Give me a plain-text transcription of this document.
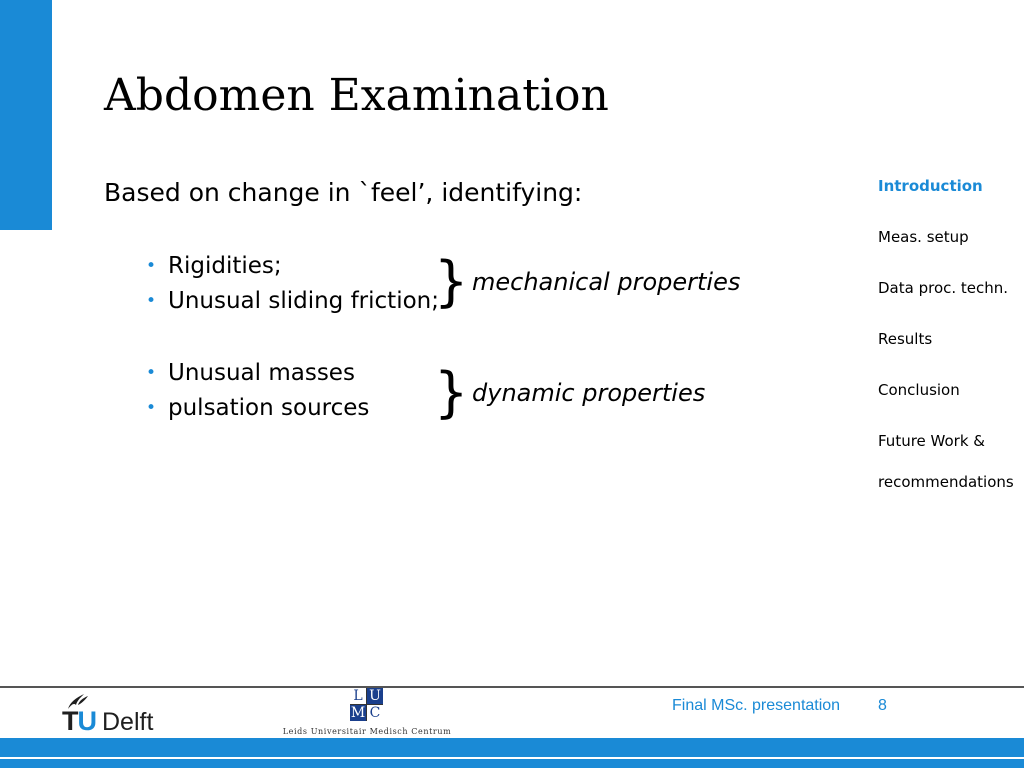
Abdomen Examination
Based on change in `feel’, identifying:
• Rigidities;
• Unusual sliding friction;
} mechanical properties
• Unusual masses
• pulsation sources } dynamic properties
Introduction
Meas. setup
Data proc. techn.
Results
Conclusion
Future Work &
recommendations
TU Delft
L U
M C
Leids Universitair Medisch Centrum
Final MSc. presentation 8
